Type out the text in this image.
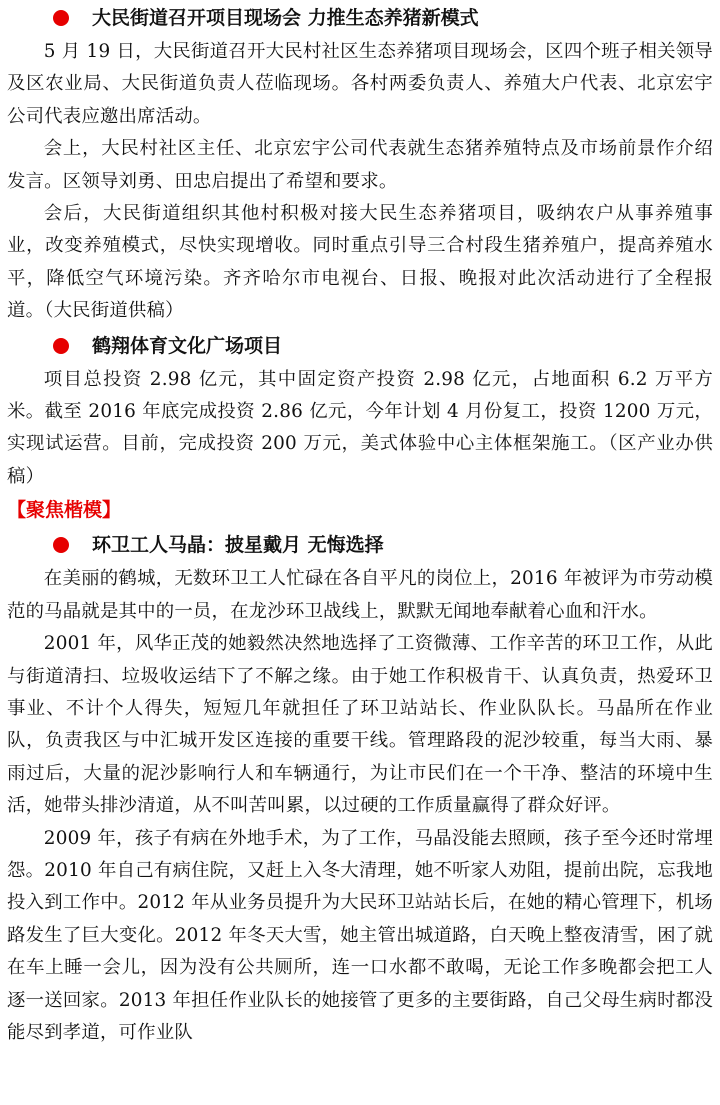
大民街道召开项目现场会 力推生态养猪新模式

5 月 19 日，大民街道召开大民村社区生态养猪项目现场会，区四个班子相关领导及区农业局、大民街道负责人莅临现场。各村两委负责人、养殖大户代表、北京宏宇公司代表应邀出席活动。

会上，大民村社区主任、北京宏宇公司代表就生态猪养殖特点及市场前景作介绍发言。区领导刘勇、田忠启提出了希望和要求。

会后，大民街道组织其他村积极对接大民生态养猪项目，吸纳农户从事养殖事业，改变养殖模式，尽快实现增收。同时重点引导三合村段生猪养殖户，提高养殖水平，降低空气环境污染。齐齐哈尔市电视台、日报、晚报对此次活动进行了全程报道。（大民街道供稿）

鹤翔体育文化广场项目

项目总投资 2.98 亿元，其中固定资产投资 2.98 亿元，占地面积 6.2 万平方米。截至 2016 年底完成投资 2.86 亿元，今年计划 4 月份复工，投资 1200 万元，实现试运营。目前，完成投资 200 万元，美式体验中心主体框架施工。（区产业办供稿）

【聚焦楷模】
环卫工人马晶：披星戴月 无悔选择

在美丽的鹤城，无数环卫工人忙碌在各自平凡的岗位上，2016 年被评为市劳动模范的马晶就是其中的一员，在龙沙环卫战线上，默默无闻地奉献着心血和汗水。

2001 年，风华正茂的她毅然决然地选择了工资微薄、工作辛苦的环卫工作，从此与街道清扫、垃圾收运结下了不解之缘。由于她工作积极肯干、认真负责，热爱环卫事业、不计个人得失，短短几年就担任了环卫站站长、作业队队长。马晶所在作业队，负责我区与中汇城开发区连接的重要干线。管理路段的泥沙较重，每当大雨、暴雨过后，大量的泥沙影响行人和车辆通行，为让市民们在一个干净、整洁的环境中生活，她带头排沙清道，从不叫苦叫累，以过硬的工作质量赢得了群众好评。

2009 年，孩子有病在外地手术，为了工作，马晶没能去照顾，孩子至今还时常埋怨。2010 年自己有病住院，又赶上入冬大清理，她不听家人劝阻，提前出院，忘我地投入到工作中。2012 年从业务员提升为大民环卫站站长后，在她的精心管理下，机场路发生了巨大变化。2012 年冬天大雪，她主管出城道路，白天晚上整夜清雪，困了就在车上睡一会儿，因为没有公共厕所，连一口水都不敢喝，无论工作多晚都会把工人逐一送回家。2013 年担任作业队长的她接管了更多的主要街路，自己父母生病时都没能尽到孝道，可作业队
